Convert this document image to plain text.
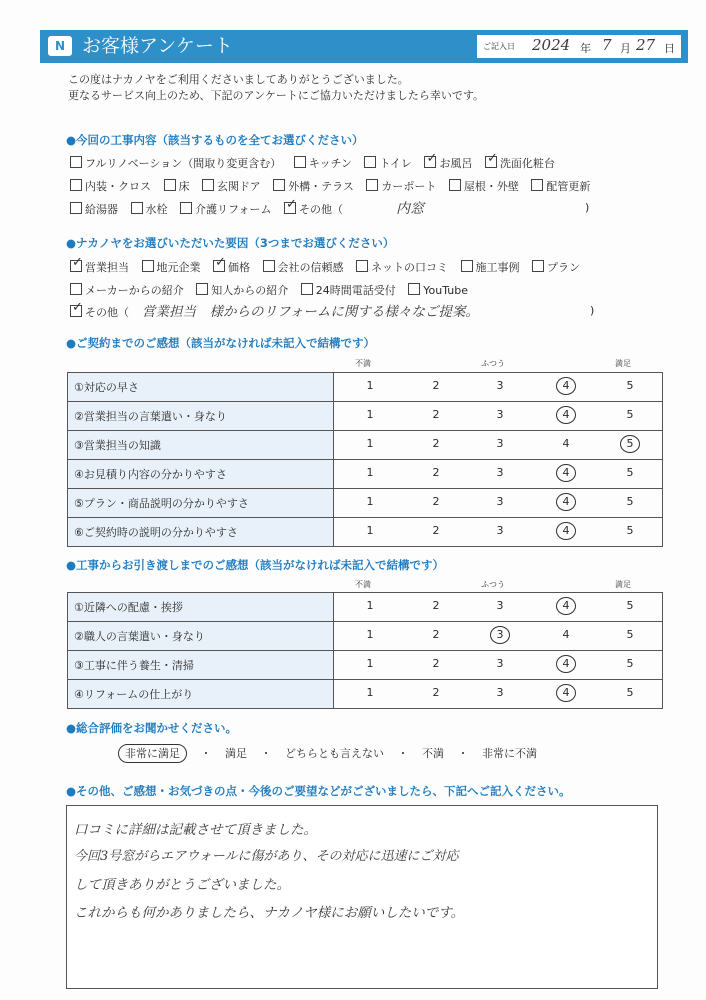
N お客様アンケート	ご記入日 2024 年 7 月 27 日
この度はナカノヤをご利用くださいましてありがとうございました。
更なるサービス向上のため、下記のアンケートにご協力いただけましたら幸いです。
●今回の工事内容（該当するものを全てお選びください）
フルリノベーション（間取り変更含む）	キッチン	トイレ ✓	お風呂 ✓	洗面化粧台
内装・クロス	床	玄関ドア	外構・テラス	カーポート	屋根・外壁	配管更新
給湯器	水栓	介護リフォーム ✓	その他（	内窓	)
●ナカノヤをお選びいただいた要因（3つまでお選びください）
✓営業担当	地元企業 ✓	価格	会社の信頼感	ネットの口コミ	施工事例	プラン
メーカーからの紹介	知人からの紹介	24時間電話受付	YouTube
✓その他（ 営業担当　様からのリフォームに関する様々なご提案。	)
●ご契約までのご感想（該当がなければ未記入で結構です）
不満	ふつう	満足
①対応の早さ	1 2 3 4 5

②営業担当の言葉遣い・身なり	1 2 3 4 5

③営業担当の知識	1 2 3 4 5

④お見積り内容の分かりやすさ	1 2 3 4 5

⑤プラン・商品説明の分かりやすさ	1 2 3 4 5

⑥ご契約時の説明の分かりやすさ	1 2 3 4 5
●工事からお引き渡しまでのご感想（該当がなければ未記入で結構です）
不満	ふつう	満足
①近隣への配慮・挨拶	1 2 3 4 5

②職人の言葉遣い・身なり	1 2 3 4 5

③工事に伴う養生・清掃	1 2 3 4 5

④リフォームの仕上がり	1 2 3 4 5
●総合評価をお聞かせください。
非常に満足 ・ 満足 ・ どちらとも言えない ・ 不満 ・ 非常に不満
●その他、ご感想・お気づきの点・今後のご要望などがございましたら、下記へご記入ください。
口コミに詳細は記載させて頂きました。
今回3号窓がらエアウォールに傷があり、その対応に迅速にご対応
して頂きありがとうございました。
これからも何かありましたら、ナカノヤ様にお願いしたいです。
